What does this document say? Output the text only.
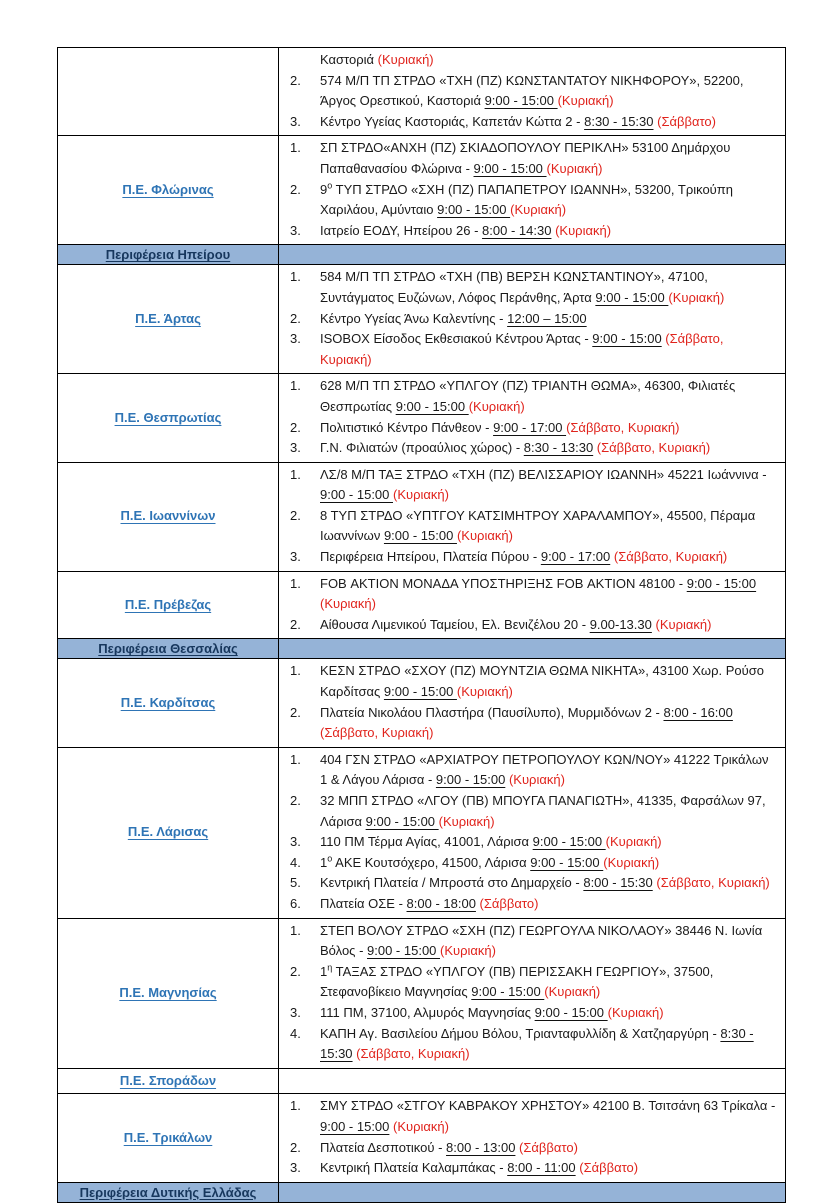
Καστοριά (Κυριακή)
2. 574 Μ/Π ΤΠ ΣΤΡΔΟ «ΤΧΗ (ΠΖ) ΚΩΝΣΤΑΝΤΑΤΟΥ ΝΙΚΗΦΟΡΟΥ», 52200, Άργος Ορεστικού, Καστοριά 9:00 - 15:00 (Κυριακή)
3. Κέντρο Υγείας Καστοριάς, Καπετάν Κώττα 2 - 8:30 - 15:30 (Σάββατο)

Π.Ε. Φλώρινας	
1. ΣΠ ΣΤΡΔΟ«ΑΝΧΗ (ΠΖ) ΣΚΙΑΔΟΠΟΥΛΟΥ ΠΕΡΙΚΛΗ» 53100 Δημάρχου Παπαθανασίου Φλώρινα - 9:00 - 15:00 (Κυριακή)
2. $9^o$ ΤΥΠ ΣΤΡΔΟ «ΣΧΗ (ΠΖ) ΠΑΠΑΠΕΤΡΟΥ ΙΩΑΝΝΗ», 53200, Τρικούπη Χαριλάου, Αμύνταιο 9:00 - 15:00 (Κυριακή)
3. Ιατρείο ΕΟΔΥ, Ηπείρου 26 - 8:00 - 14:30 (Κυριακή)

Περιφέρεια Ηπείρου	
Π.Ε. Άρτας	
1. 584 Μ/Π ΤΠ ΣΤΡΔΟ «ΤΧΗ (ΠΒ) ΒΕΡΣΗ ΚΩΝΣΤΑΝΤΙΝΟΥ», 47100, Συντάγματος Ευζώνων, Λόφος Περάνθης, Άρτα 9:00 - 15:00 (Κυριακή)
2. Κέντρο Υγείας Άνω Καλεντίνης - 12:00 – 15:00
3. ISOBOX Είσοδος Εκθεσιακού Κέντρου Άρτας - 9:00 - 15:00 (Σάββατο, Κυριακή)

Π.Ε. Θεσπρωτίας	
1. 628 Μ/Π ΤΠ ΣΤΡΔΟ «ΥΠΛΓΟΥ (ΠΖ) ΤΡΙΑΝΤΗ ΘΩΜΑ», 46300, Φιλιατές Θεσπρωτίας 9:00 - 15:00 (Κυριακή)
2. Πολιτιστικό Κέντρο Πάνθεον - 9:00 - 17:00 (Σάββατο, Κυριακή)
3. Γ.Ν. Φιλιατών (προαύλιος χώρος) - 8:30 - 13:30 (Σάββατο, Κυριακή)

Π.Ε. Ιωαννίνων	
1. ΛΣ/8 Μ/Π ΤΑΞ ΣΤΡΔΟ «ΤΧΗ (ΠΖ) ΒΕΛΙΣΣΑΡΙΟΥ ΙΩΑΝΝΗ» 45221 Ιωάννινα - 9:00 - 15:00 (Κυριακή)
2. 8 ΤΥΠ ΣΤΡΔΟ «ΥΠΤΓΟΥ ΚΑΤΣΙΜΗΤΡΟΥ ΧΑΡΑΛΑΜΠΟΥ», 45500, Πέραμα Ιωαννίνων 9:00 - 15:00 (Κυριακή)
3. Περιφέρεια Ηπείρου, Πλατεία Πύρου - 9:00 - 17:00 (Σάββατο, Κυριακή)

Π.Ε. Πρέβεζας	
1. FOB ΑΚΤΙΟΝ ΜΟΝΑΔΑ ΥΠΟΣΤΗΡΙΞΗΣ FOB ΑΚΤΙΟΝ 48100 - 9:00 - 15:00 (Κυριακή)
2. Αίθουσα Λιμενικού Ταμείου, Ελ. Βενιζέλου 20 - 9.00-13.30 (Κυριακή)

Περιφέρεια Θεσσαλίας	
Π.Ε. Καρδίτσας	
1. ΚΕΣΝ ΣΤΡΔΟ «ΣΧΟΥ (ΠΖ) ΜΟΥΝΤΖΙΑ ΘΩΜΑ ΝΙΚΗΤΑ», 43100 Χωρ. Ρούσο Καρδίτσας 9:00 - 15:00 (Κυριακή)
2. Πλατεία Νικολάου Πλαστήρα (Παυσίλυπο), Μυρμιδόνων 2 - 8:00 - 16:00 (Σάββατο, Κυριακή)

Π.Ε. Λάρισας	
1. 404 ΓΣΝ ΣΤΡΔΟ «ΑΡΧΙΑΤΡΟΥ ΠΕΤΡΟΠΟΥΛΟΥ ΚΩΝ/ΝΟΥ» 41222 Τρικάλων 1 & Λάγου Λάρισα - 9:00 - 15:00 (Κυριακή)
2. 32 ΜΠΠ ΣΤΡΔΟ «ΛΓΟΥ (ΠΒ) ΜΠΟΥΓΑ ΠΑΝΑΓΙΩΤΗ», 41335, Φαρσάλων 97, Λάρισα 9:00 - 15:00 (Κυριακή)
3. 110 ΠΜ Τέρμα Αγίας, 41001, Λάρισα 9:00 - 15:00 (Κυριακή)
4. $1^o$ ΑΚΕ Κουτσόχερο, 41500, Λάρισα 9:00 - 15:00 (Κυριακή)
5. Κεντρική Πλατεία / Μπροστά στο Δημαρχείο - 8:00 - 15:30 (Σάββατο, Κυριακή)
6. Πλατεία ΟΣΕ - 8:00 - 18:00 (Σάββατο)

Π.Ε. Μαγνησίας	
1. ΣΤΕΠ ΒΟΛΟΥ ΣΤΡΔΟ «ΣΧΗ (ΠΖ) ΓΕΩΡΓΟΥΛΑ ΝΙΚΟΛΑΟΥ» 38446 Ν. Ιωνία Βόλος - 9:00 - 15:00 (Κυριακή)
2. $1^\eta$ ΤΑΞΑΣ ΣΤΡΔΟ «ΥΠΛΓΟΥ (ΠΒ) ΠΕΡΙΣΣΑΚΗ ΓΕΩΡΓΙΟΥ», 37500, Στεφανοβίκειο Μαγνησίας 9:00 - 15:00 (Κυριακή)
3. 111 ΠΜ, 37100, Αλμυρός Μαγνησίας 9:00 - 15:00 (Κυριακή)
4. ΚΑΠΗ Αγ. Βασιλείου Δήμου Βόλου, Τριανταφυλλίδη & Χατζηαργύρη - 8:30 - 15:30 (Σάββατο, Κυριακή)

Π.Ε. Σποράδων	
Π.Ε. Τρικάλων	
1. ΣΜΥ ΣΤΡΔΟ «ΣΤΓΟΥ ΚΑΒΡΑΚΟΥ ΧΡΗΣΤΟΥ» 42100 Β. Τσιτσάνη 63 Τρίκαλα - 9:00 - 15:00 (Κυριακή)
2. Πλατεία Δεσποτικού - 8:00 - 13:00 (Σάββατο)
3. Κεντρική Πλατεία Καλαμπάκας - 8:00 - 11:00 (Σάββατο)

Περιφέρεια Δυτικής Ελλάδας	
